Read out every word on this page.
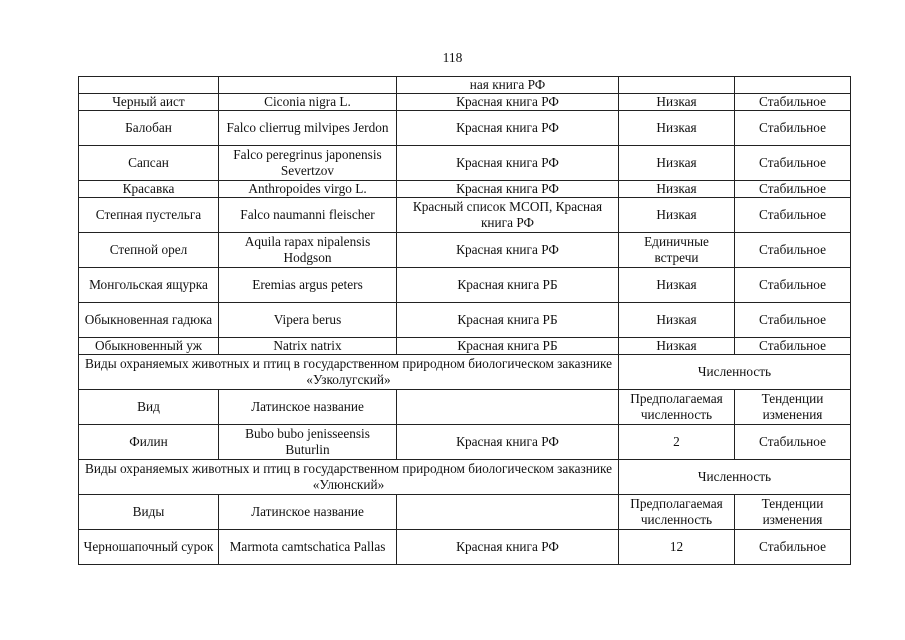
118
		ная книга РФ		
Черный аист	Ciconia nigra L.	Красная книга РФ	Низкая	Стабильное
Балобан	Falco clierrug milvipes Jerdon	Красная книга РФ	Низкая	Стабильное
Сапсан	Falco peregrinus japonensis Severtzov	Красная книга РФ	Низкая	Стабильное
Красавка	Anthropoides virgo L.	Красная книга РФ	Низкая	Стабильное
Степная пустельга	Falco naumanni fleischer	Красный список МСОП, Красная книга РФ	Низкая	Стабильное
Степной орел	Aquila rapax nipalensis Hodgson	Красная книга РФ	Единичные встречи	Стабильное
Монгольская ящурка	Eremias argus peters	Красная книга РБ	Низкая	Стабильное
Обыкновенная гадюка	Vipera berus	Красная книга РБ	Низкая	Стабильное
Обыкновенный уж	Natrix natrix	Красная книга РБ	Низкая	Стабильное
Виды охраняемых животных и птиц в государственном природном биологическом заказнике «Узколугский»			Численность	
Вид	Латинское название		Предполагаемая численность	Тенденции изменения
Филин	Bubo bubo jenisseensis Buturlin	Красная книга РФ	2	Стабильное
Виды охраняемых животных и птиц в государственном природном биологическом заказнике «Улюнский»			Численность	
Виды	Латинское название		Предполагаемая численность	Тенденции изменения
Черношапочный сурок	Marmota camtschatica Pallas	Красная книга РФ	12	Стабильное
